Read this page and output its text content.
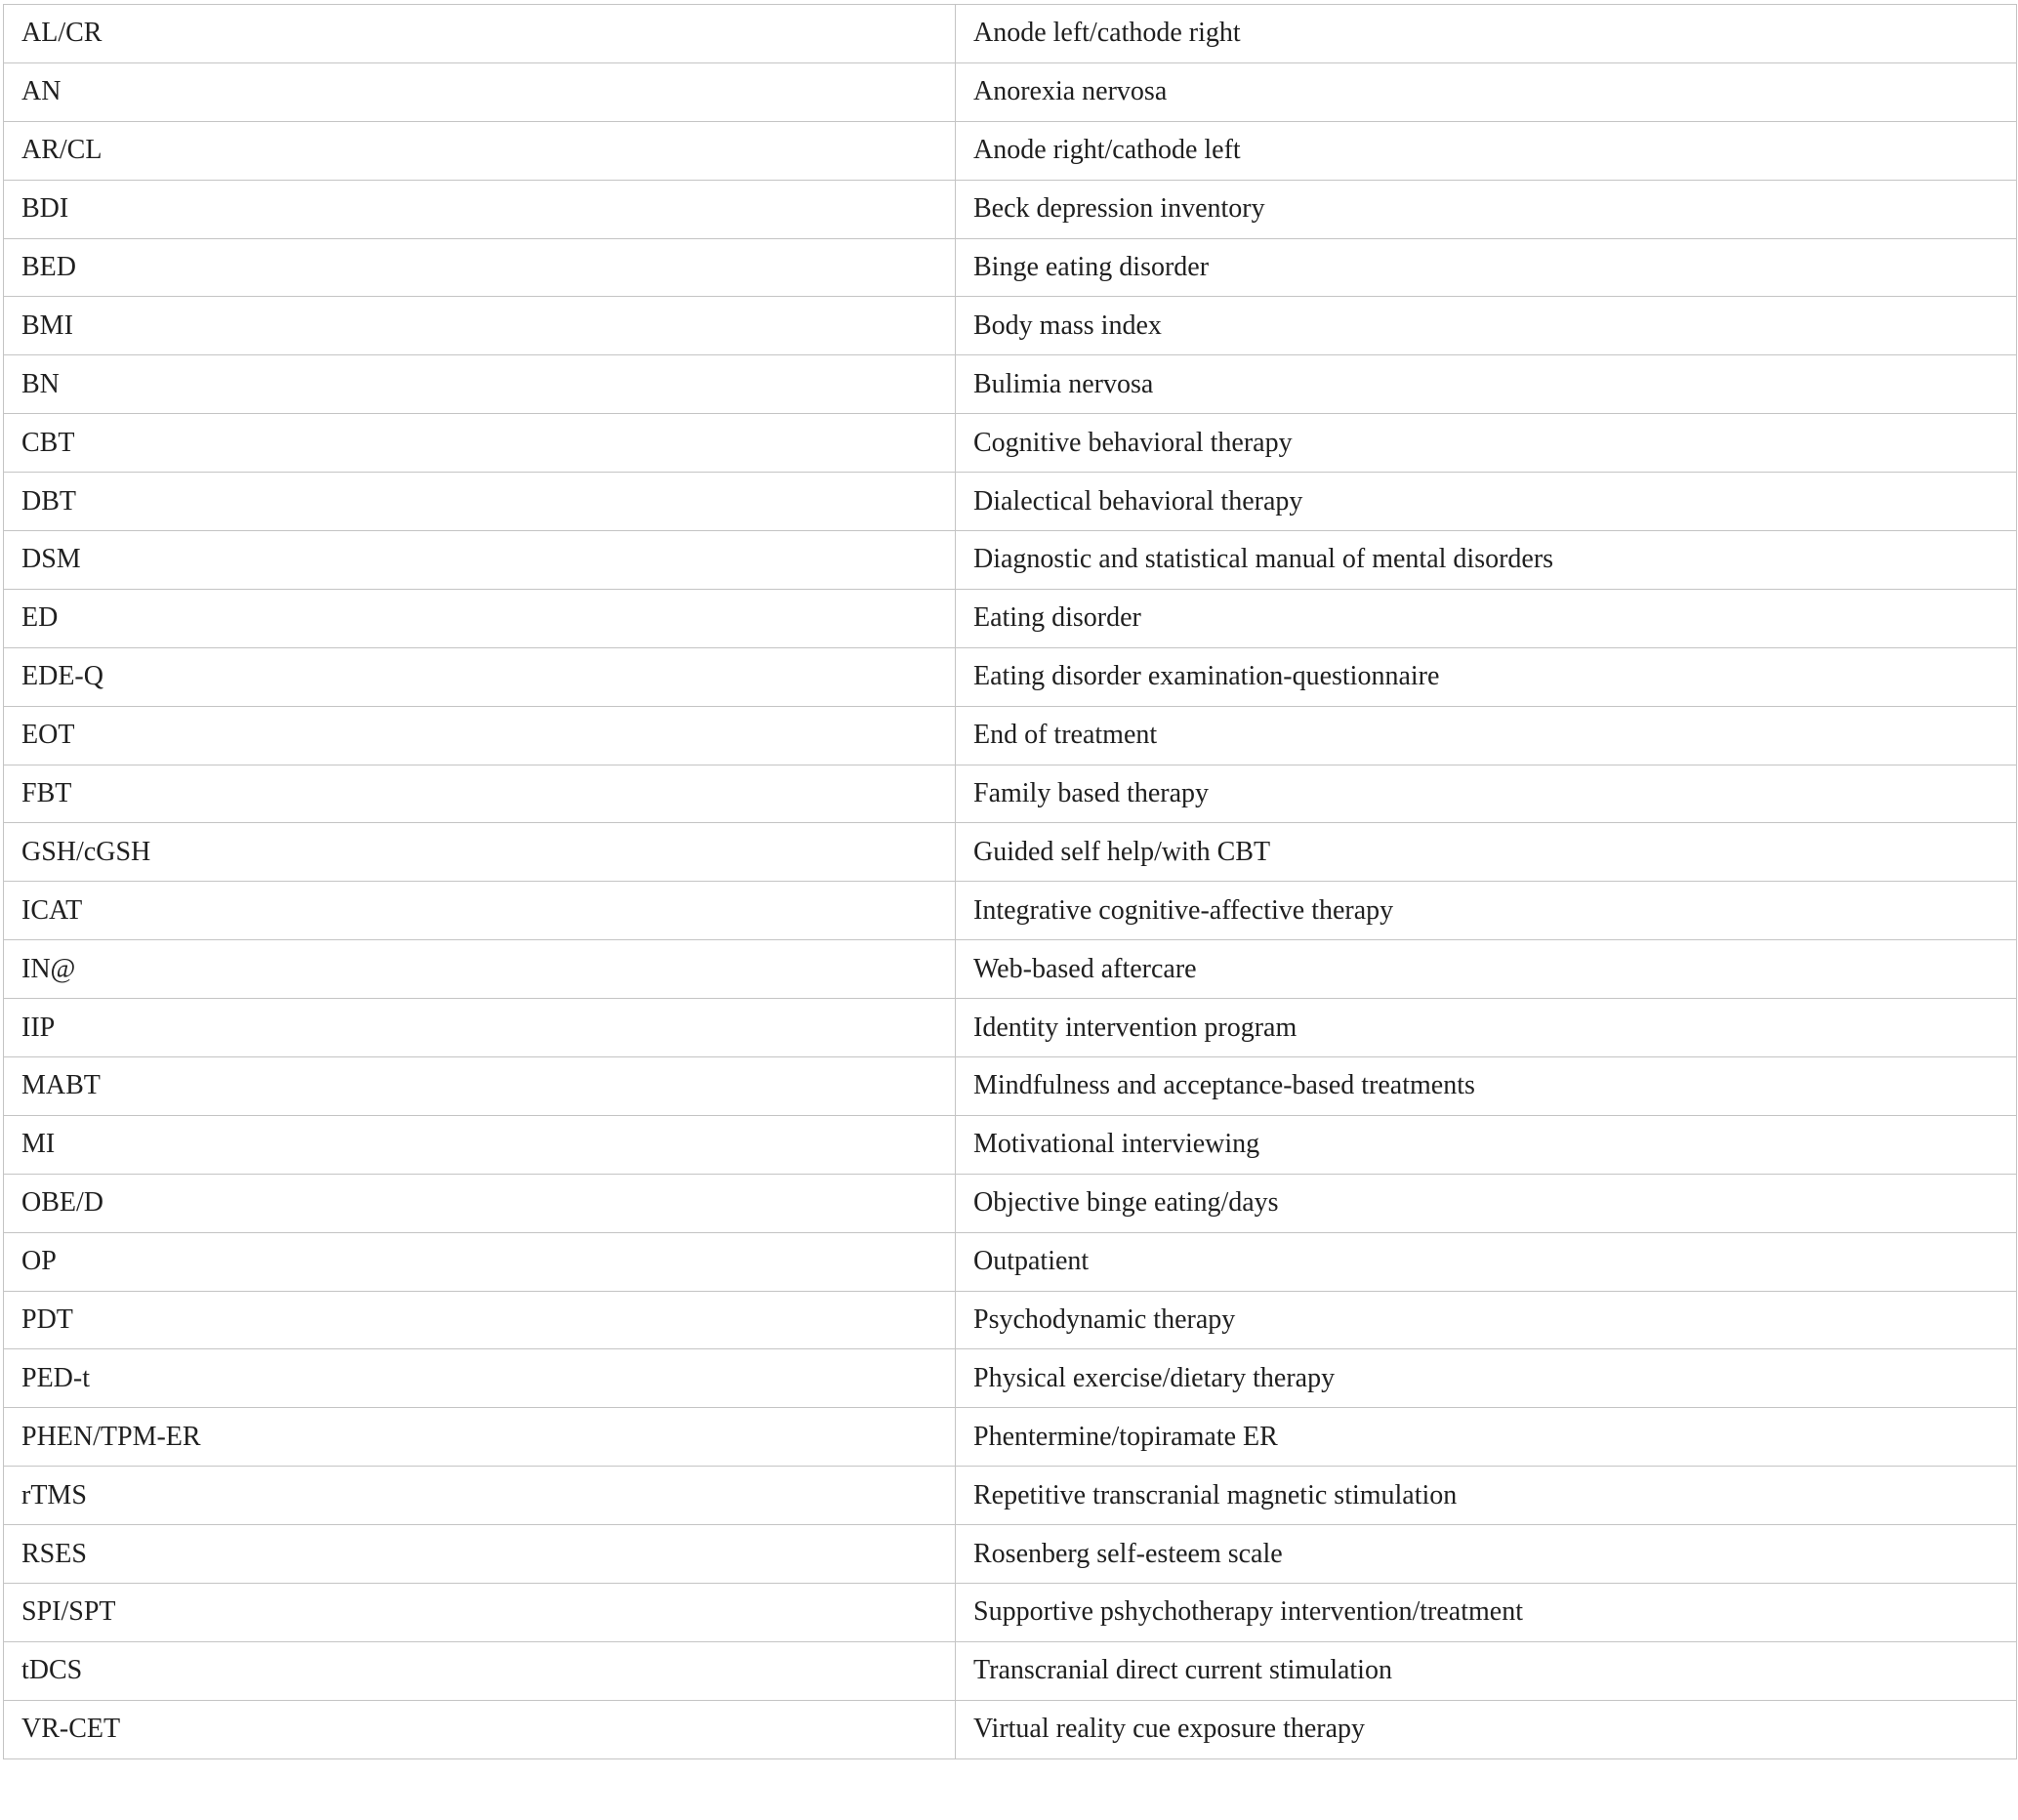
AL/CR	Anode left/cathode right
AN	Anorexia nervosa
AR/CL	Anode right/cathode left
BDI	Beck depression inventory
BED	Binge eating disorder
BMI	Body mass index
BN	Bulimia nervosa
CBT	Cognitive behavioral therapy
DBT	Dialectical behavioral therapy
DSM	Diagnostic and statistical manual of mental disorders
ED	Eating disorder
EDE-Q	Eating disorder examination-questionnaire
EOT	End of treatment
FBT	Family based therapy
GSH/cGSH	Guided self help/with CBT
ICAT	Integrative cognitive-affective therapy
IN@	Web-based aftercare
IIP	Identity intervention program
MABT	Mindfulness and acceptance-based treatments
MI	Motivational interviewing
OBE/D	Objective binge eating/days
OP	Outpatient
PDT	Psychodynamic therapy
PED-t	Physical exercise/dietary therapy
PHEN/TPM-ER	Phentermine/topiramate ER
rTMS	Repetitive transcranial magnetic stimulation
RSES	Rosenberg self-esteem scale
SPI/SPT	Supportive pshychotherapy intervention/treatment
tDCS	Transcranial direct current stimulation
VR-CET	Virtual reality cue exposure therapy
